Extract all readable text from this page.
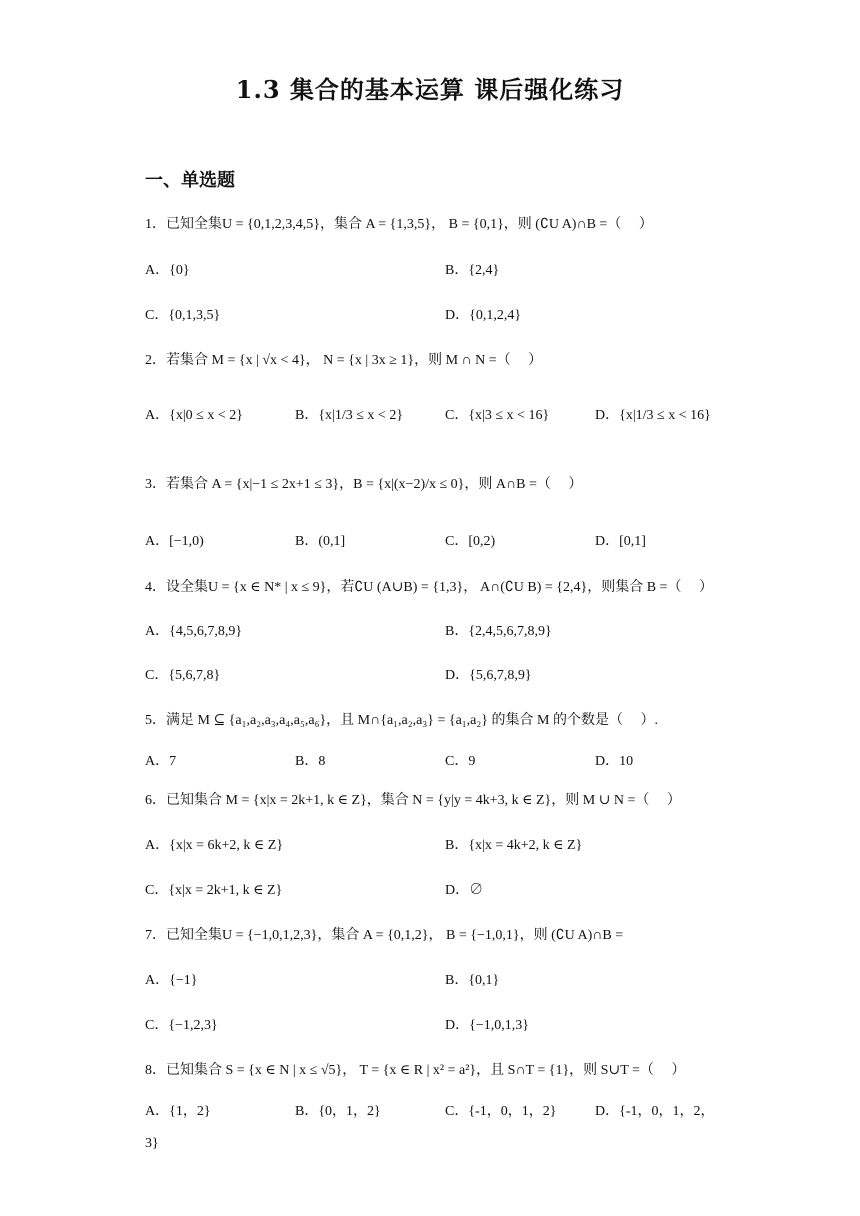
1.3 集合的基本运算 课后强化练习
一、单选题
1．已知全集U = {0,1,2,3,4,5}，集合 A = {1,3,5}， B = {0,1}，则 (∁U A)∩B =（　 ）
A．{0}	B．{2,4}
C．{0,1,3,5}	D．{0,1,2,4}
2．若集合 M = {x | √x < 4}， N = {x | 3x ≥ 1}，则 M ∩ N =（　 ）
A．{x|0 ≤ x < 2}	B．{x|1/3 ≤ x < 2}	C．{x|3 ≤ x < 16}	D．{x|1/3 ≤ x < 16}
3．若集合 A = {x|−1 ≤ 2x+1 ≤ 3}，B = {x|(x−2)/x ≤ 0}，则 A∩B =（　 ）
A．[−1,0)	B．(0,1]	C．[0,2)	D．[0,1]
4．设全集U = {x ∈ N* | x ≤ 9}，若∁U (A∪B) = {1,3}， A∩(∁U B) = {2,4}，则集合 B =（　 ）
A．{4,5,6,7,8,9}	B．{2,4,5,6,7,8,9}
C．{5,6,7,8}	D．{5,6,7,8,9}
5．满足 M ⊆ {a₁,a₂,a₃,a₄,a₅,a₆}，且 M∩{a₁,a₂,a₃} = {a₁,a₂} 的集合 M 的个数是（　 ）.
A．7	B．8	C．9	D．10
6．已知集合 M = {x|x = 2k+1, k ∈ Z}，集合 N = {y|y = 4k+3, k ∈ Z}，则 M ∪ N =（　 ）
A．{x|x = 6k+2, k ∈ Z}	B．{x|x = 4k+2, k ∈ Z}
C．{x|x = 2k+1, k ∈ Z}	D．∅
7．已知全集U = {−1,0,1,2,3}，集合 A = {0,1,2}， B = {−1,0,1}，则 (∁U A)∩B =
A．{−1}	B．{0,1}
C．{−1,2,3}	D．{−1,0,1,3}
8．已知集合 S = {x ∈ N | x ≤ √5}， T = {x ∈ R | x² = a²}，且 S∩T = {1}，则 S∪T =（　 ）
A．{1，2}	B．{0，1，2}	C．{-1，0，1，2}	D．{-1，0，1，2，
3}
